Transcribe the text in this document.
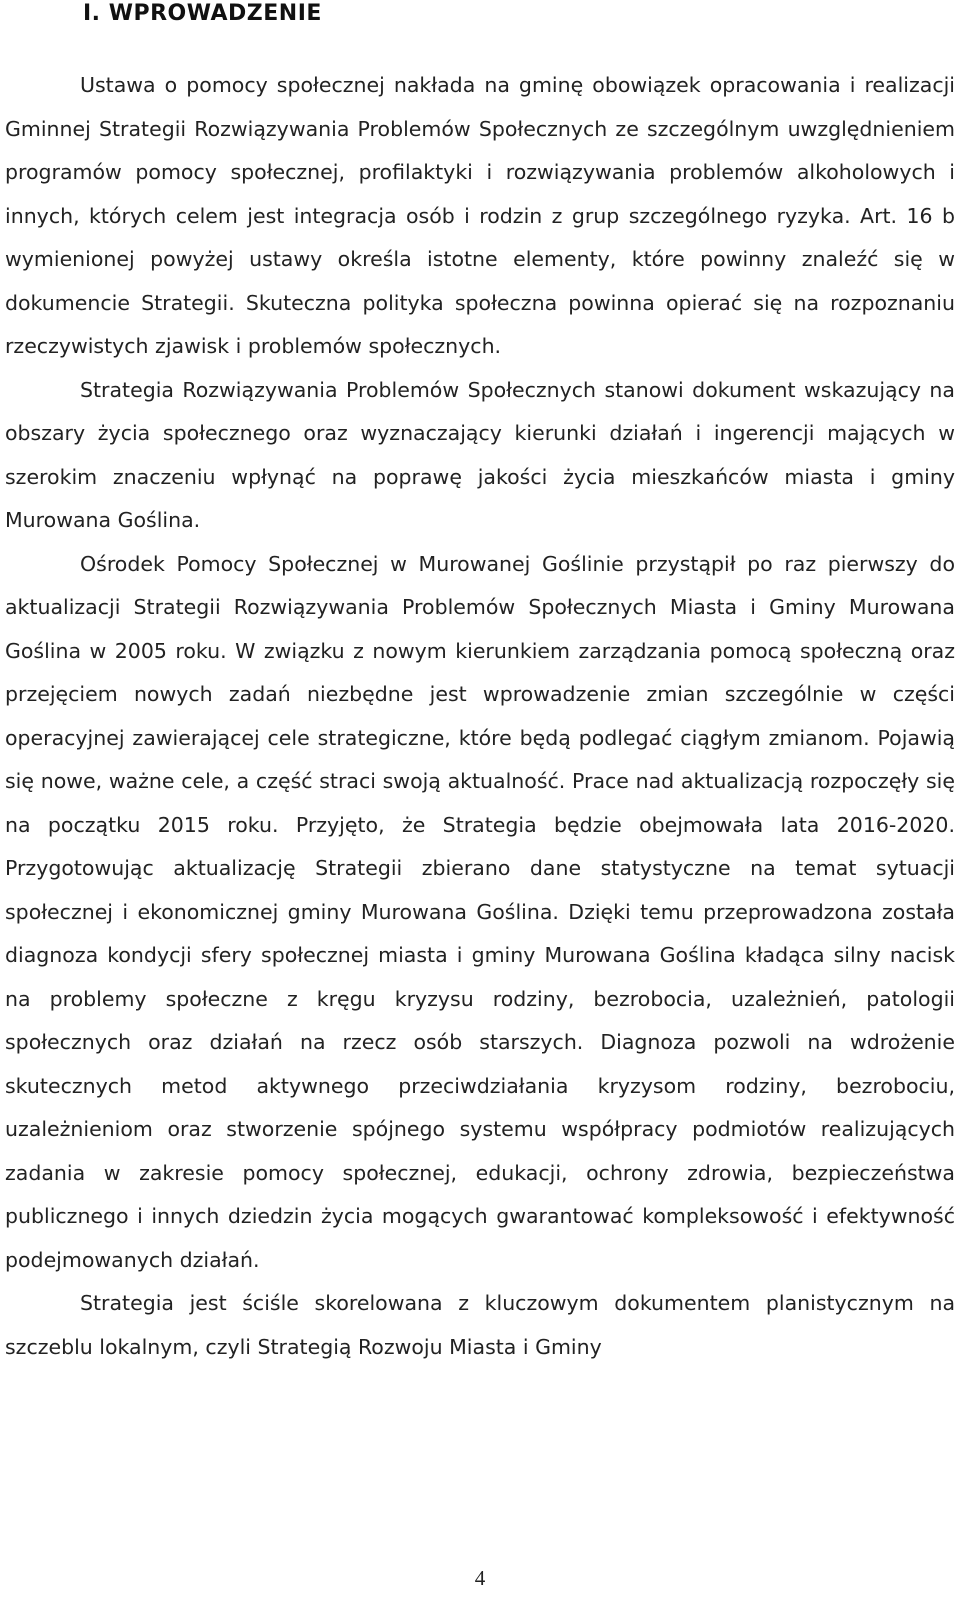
I. WPROWADZENIE

Ustawa o pomocy społecznej nakłada na gminę obowiązek opracowania i realizacji Gminnej Strategii Rozwiązywania Problemów Społecznych ze szczególnym uwzględnieniem programów pomocy społecznej, profilaktyki i rozwiązywania problemów alkoholowych i innych, których celem jest integracja osób i rodzin z grup szczególnego ryzyka. Art. 16 b wymienionej powyżej ustawy określa istotne elementy, które powinny znaleźć się w dokumencie Strategii. Skuteczna polityka społeczna powinna opierać się na rozpoznaniu rzeczywistych zjawisk i problemów społecznych.

Strategia Rozwiązywania Problemów Społecznych stanowi dokument wskazujący na obszary życia społecznego oraz wyznaczający kierunki działań i ingerencji mających w szerokim znaczeniu wpłynąć na poprawę jakości życia mieszkańców miasta i gminy Murowana Goślina.

Ośrodek Pomocy Społecznej w Murowanej Goślinie przystąpił po raz pierwszy do aktualizacji Strategii Rozwiązywania Problemów Społecznych Miasta i Gminy Murowana Goślina w 2005 roku. W związku z nowym kierunkiem zarządzania pomocą społeczną oraz przejęciem nowych zadań niezbędne jest wprowadzenie zmian szczególnie w części operacyjnej zawierającej cele strategiczne, które będą podlegać ciągłym zmianom. Pojawią się nowe, ważne cele, a część straci swoją aktualność. Prace nad aktualizacją rozpoczęły się na początku 2015 roku. Przyjęto, że Strategia będzie obejmowała lata 2016-2020. Przygotowując aktualizację Strategii zbierano dane statystyczne na temat sytuacji społecznej i ekonomicznej gminy Murowana Goślina. Dzięki temu przeprowadzona została diagnoza kondycji sfery społecznej miasta i gminy Murowana Goślina kładąca silny nacisk na problemy społeczne z kręgu kryzysu rodziny, bezrobocia, uzależnień, patologii społecznych oraz działań na rzecz osób starszych. Diagnoza pozwoli na wdrożenie skutecznych metod aktywnego przeciwdziałania kryzysom rodziny, bezrobociu, uzależnieniom oraz stworzenie spójnego systemu współpracy podmiotów realizujących zadania w zakresie pomocy społecznej, edukacji, ochrony zdrowia, bezpieczeństwa publicznego i innych dziedzin życia mogących gwarantować kompleksowość i efektywność podejmowanych działań.

Strategia jest ściśle skorelowana z kluczowym dokumentem planistycznym na szczeblu lokalnym, czyli Strategią Rozwoju Miasta i Gminy

4
